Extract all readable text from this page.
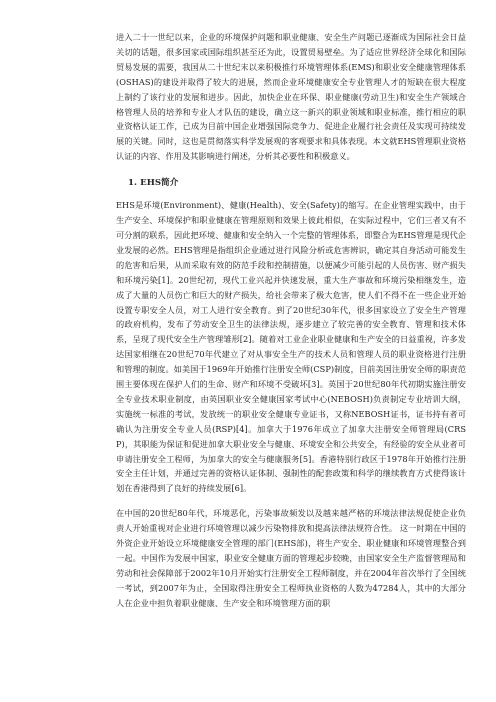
进入二十一世纪以来，企业的环境保护问题和职业健康、安全生产问题已逐渐成为国际社会日益关切的话题，很多国家或国际组织甚至还为此，设置贸易壁垒。为了适应世界经济全球化和国际贸易发展的需要，我国从二十世纪末以来积极推行环境管理体系(EMS)和职业安全健康管理体系 (OSHAS)的建设并取得了较大的进展，然而企业环境健康安全专业管理人才的短缺在很大程度上制约了该行业的发展和进步。因此，加快企业在环保、职业健康(劳动卫生)和安全生产领域合格管理人员的培养和专业人才队伍的建设，确立这一新兴的职业领域和职业标准，推行相应的职业资格认证工作，已成为目前中国企业增强国际竞争力、促进企业履行社会责任及实现可持续发展的关键。同时，这也是贯彻落实科学发展观的客观要求和具体表现。本文就EHS管理职业资格认证的内容、作用及其影响进行阐述，分析其必要性和积极意义。

1. EHS简介

EHS是环境(Environment)、健康(Health)、安全(Safety)的缩写。在企业管理实践中，由于生产安全、环境保护和职业健康在管理原则和效果上彼此相似，在实际过程中，它们三者又有不可分割的联系，因此把环境、健康和安全纳入一个完整的管理体系，即整合为EHS管理是现代企业发展的必然。EHS管理是指组织企业通过进行风险分析或危害辨识，确定其自身活动可能发生的危害和后果，从而采取有效的防范手段和控制措施，以便减少可能引起的人员伤害、财产损失和环境污染[1]。20世纪初，现代工业兴起并快速发展，重大生产事故和环境污染相继发生，造成了大量的人员伤亡和巨大的财产损失，给社会带来了极大危害，使人们不得不在一些企业开始设置专职安全人员，对工人进行安全教育。到了20世纪30年代，很多国家设立了安全生产管理的政府机构，发布了劳动安全卫生的法律法规，逐步建立了较完善的安全教育、管理和技术体系，呈现了现代安全生产管理雏形[2]。随着对工业企业职业健康和生产安全的日益重视，许多发达国家相继在20世纪70年代建立了对从事安全生产的技术人员和管理人员的职业资格进行注册和管理的制度。如美国于1969年开始推行注册安全师(CSP)制度，目前美国注册安全师的职责范围主要体现在保护人们的生命、财产和环境不受破坏[3]。英国于20世纪80年代初期实施注册安全专业技术职业制度，由英国职业安全健康国家考试中心(NEBOSH)负责制定专业培训大纲，实施统一标准的考试，发放统一的职业安全健康专业证书，又称NEBOSH证书，证书持有者可确认为注册安全专业人员(RSP)[4]。加拿大于1976年成立了加拿大注册安全师管理局(CRSP)，其职能为保证和促进加拿大职业安全与健康、环境安全和公共安全，有经验的安全从业者可申请注册安全工程师，为加拿大的安全与健康服务[5]。香港特别行政区于1978年开始推行注册安全主任计划，并通过完善的资格认证体制、强制性的配套政策和科学的继续教育方式使得该计划在香港得到了良好的持续发展[6]。

在中国的20世纪80年代，环境恶化，污染事故频发以及越来越严格的环境法律法规促使企业负责人开始重视对企业进行环境管理以减少污染物排放和提高法律法规符合性。 这一时期在中国的外资企业开始设立环境健康安全管理的部门(EHS部)，将生产安全、职业健康和环境管理整合到一起。中国作为发展中国家，职业安全健康方面的管理起步较晚，由国家安全生产监督管理局和劳动和社会保障部于2002年10月开始实行注册安全工程师制度，并在2004年首次举行了全国统一考试，到2007年为止，全国取得注册安全工程师执业资格的人数为47284人，其中的大部分人在企业中担负着职业健康、生产安全和环境管理方面的职
